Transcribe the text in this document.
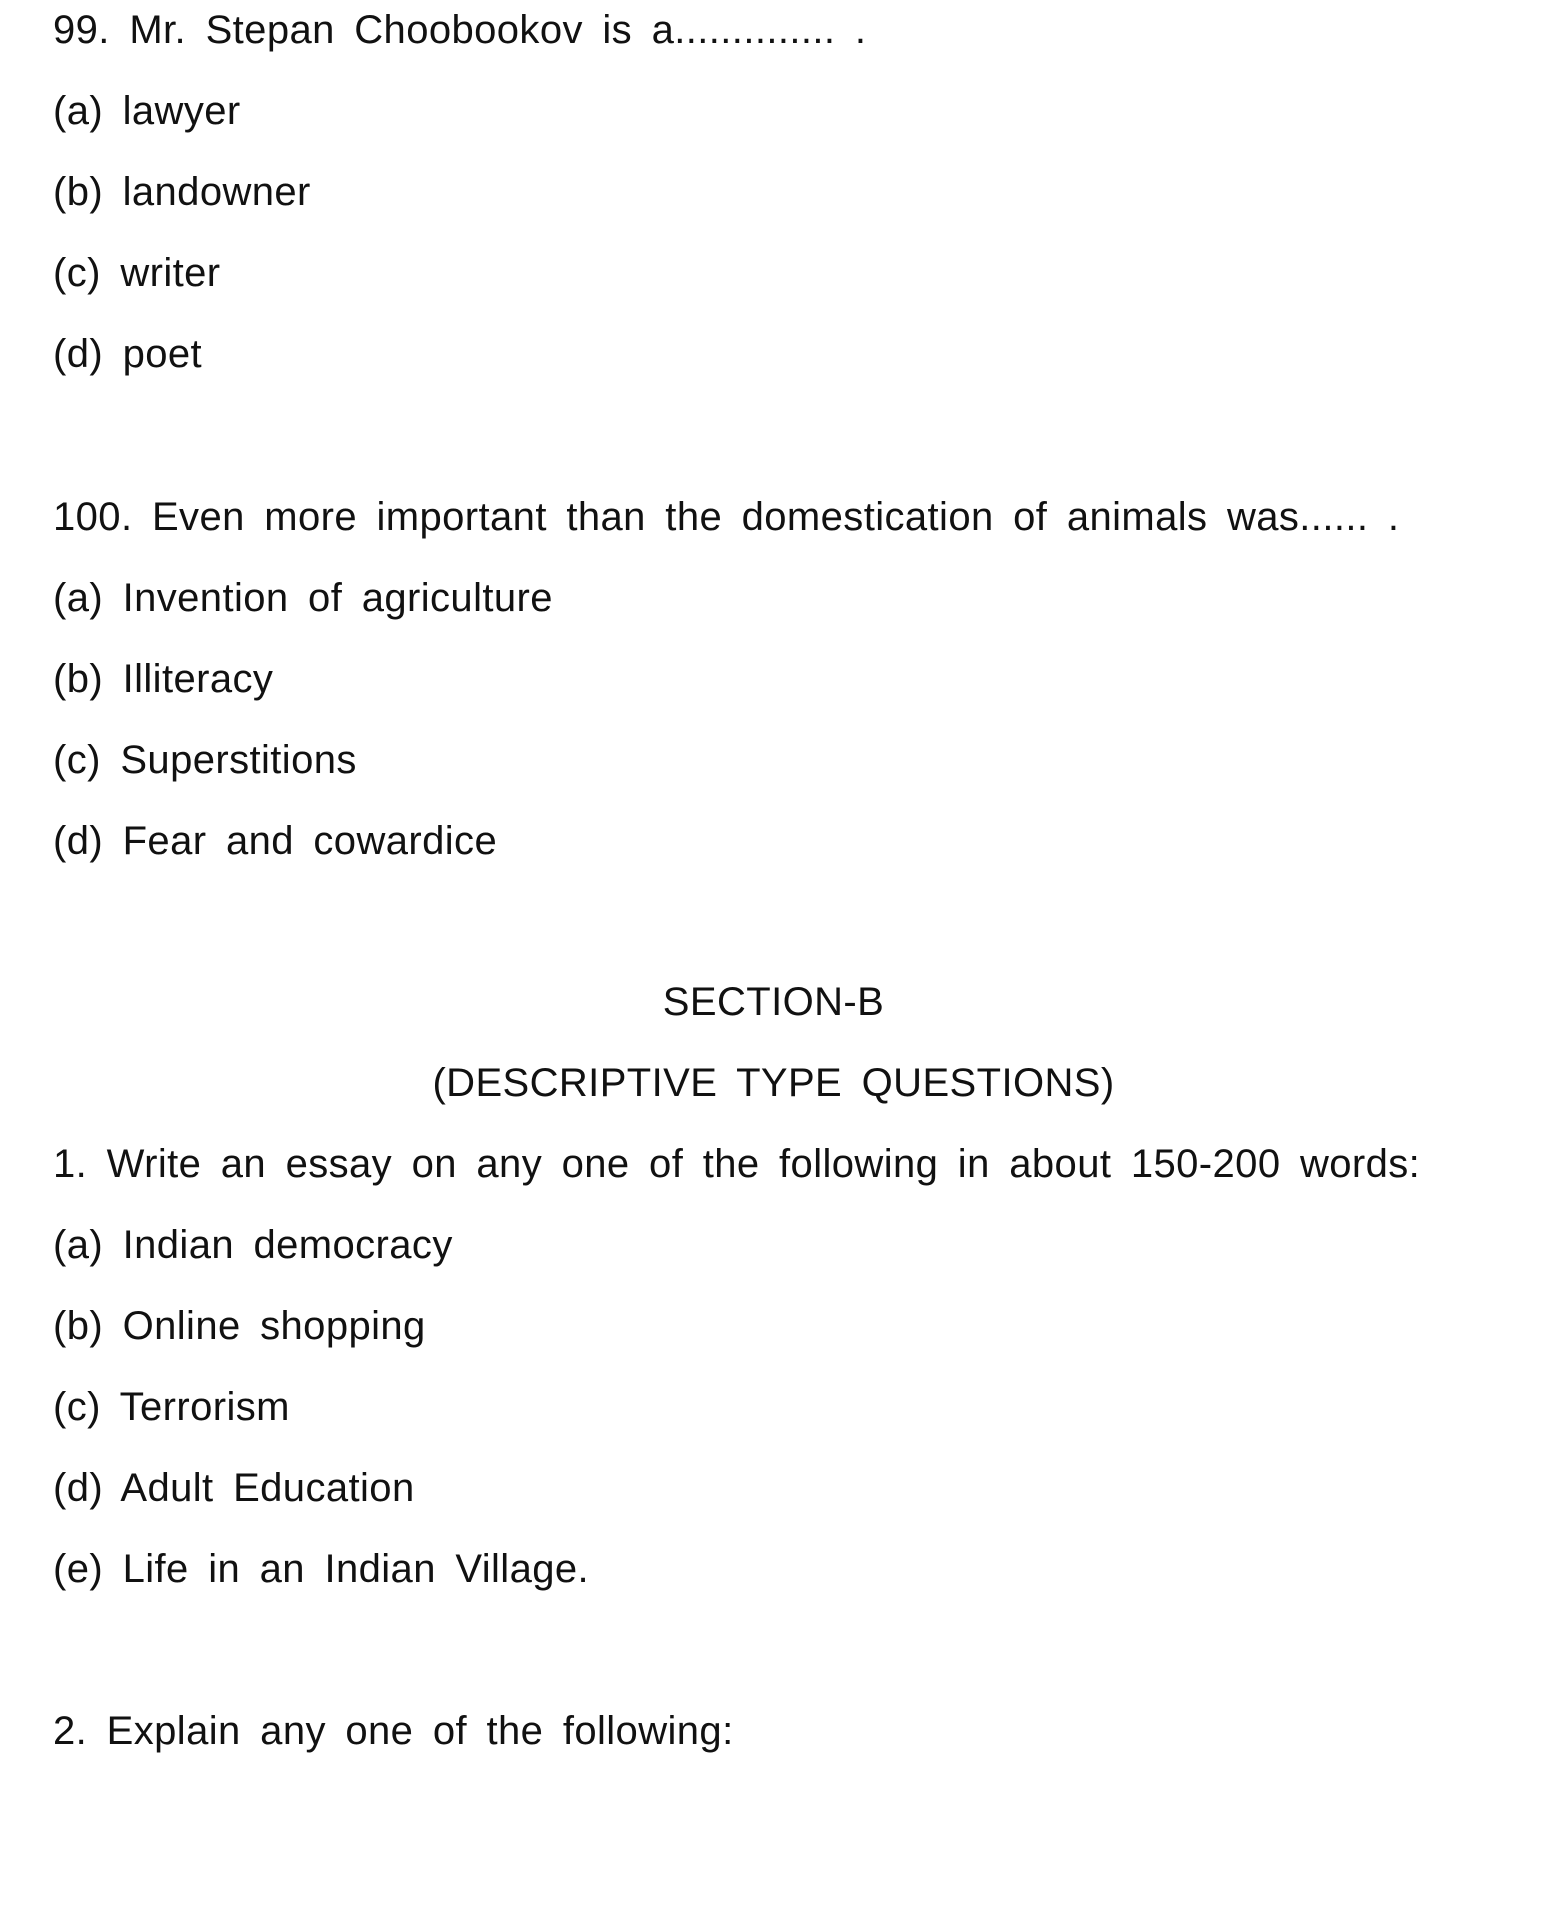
99. Mr. Stepan Choobookov is a.............. .
(a) lawyer
(b) landowner
(c) writer
(d) poet
100. Even more important than the domestication of animals was...... .
(a) Invention of agriculture
(b) Illiteracy
(c) Superstitions
(d) Fear and cowardice
SECTION-B
(DESCRIPTIVE TYPE QUESTIONS)
1. Write an essay on any one of the following in about 150-200 words:
(a) Indian democracy
(b) Online shopping
(c) Terrorism
(d) Adult Education
(e) Life in an Indian Village.
2. Explain any one of the following:
